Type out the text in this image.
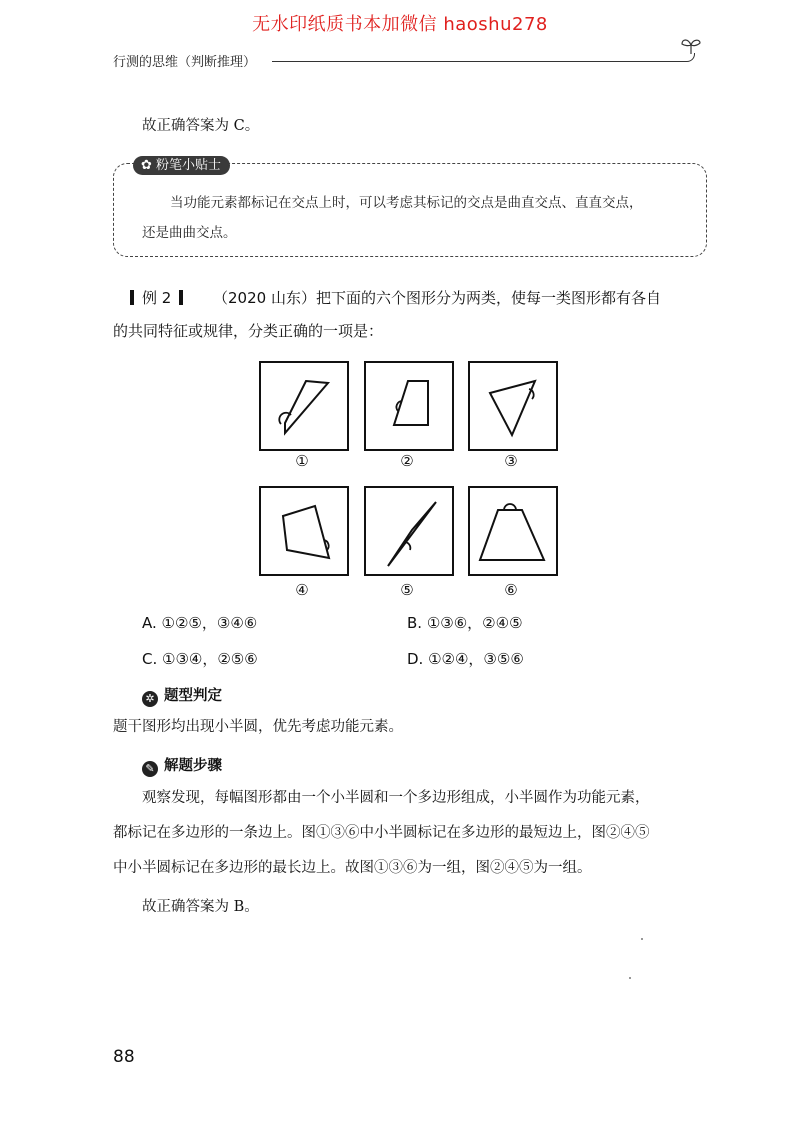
无水印纸质书本加微信 haoshu278
行测的思维（判断推理）
故正确答案为 C。
✿ 粉笔小贴士
当功能元素都标记在交点上时，可以考虑其标记的交点是曲直交点、直直交点，
还是曲曲交点。
例 2	（2020 山东）把下面的六个图形分为两类，使每一类图形都有各自
的共同特征或规律，分类正确的一项是：
①	②	③
④	⑤	⑥
A. ①②⑤，③④⑥	B. ①③⑥，②④⑤
C. ①③④，②⑤⑥	D. ①②④，③⑤⑥
✲ 题型判定
题干图形均出现小半圆，优先考虑功能元素。
✎ 解题步骤
观察发现，每幅图形都由一个小半圆和一个多边形组成，小半圆作为功能元素，
都标记在多边形的一条边上。图①③⑥中小半圆标记在多边形的最短边上，图②④⑤
中小半圆标记在多边形的最长边上。故图①③⑥为一组，图②④⑤为一组。
故正确答案为 B。
88
